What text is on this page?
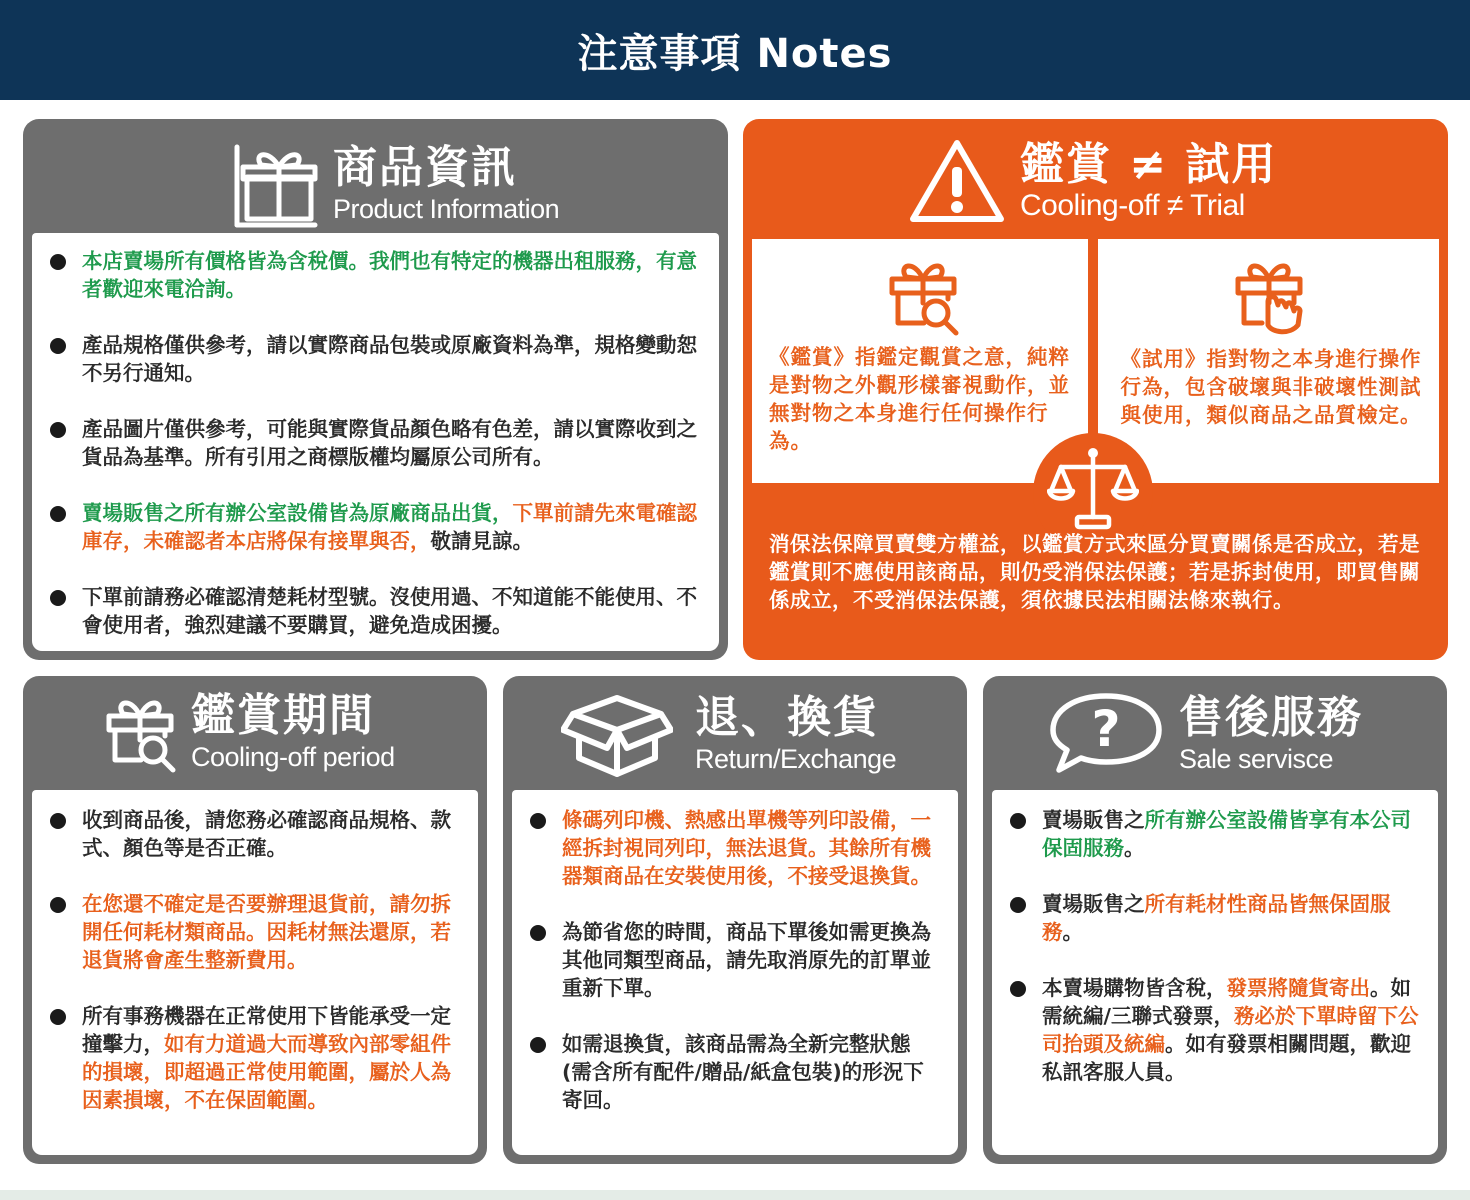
注意事項 Notes
商品資訊
Product Information
本店賣場所有價格皆為含稅價。我們也有特定的機器出租服務，有意者歡迎來電洽詢。
產品規格僅供參考，請以實際商品包裝或原廠資料為準，規格變動恕不另行通知。
產品圖片僅供參考，可能與實際貨品顏色略有色差，請以實際收到之貨品為基準。所有引用之商標版權均屬原公司所有。
賣場販售之所有辦公室設備皆為原廠商品出貨，下單前請先來電確認庫存，未確認者本店將保有接單與否，敬請見諒。
下單前請務必確認清楚耗材型號。沒使用過、不知道能不能使用、不會使用者，強烈建議不要購買，避免造成困擾。
鑑賞 ≠ 試用
Cooling-off ≠ Trial
《鑑賞》指鑑定觀賞之意，純粹是對物之外觀形樣審視動作，並無對物之本身進行任何操作行為。
《試用》指對物之本身進行操作行為，包含破壞與非破壞性測試與使用，類似商品之品質檢定。
消保法保障買賣雙方權益，以鑑賞方式來區分買賣關係是否成立，若是鑑賞則不應使用該商品，則仍受消保法保護；若是拆封使用，即買售關係成立，不受消保法保護，須依據民法相關法條來執行。
鑑賞期間
Cooling-off period
收到商品後，請您務必確認商品規格、款式、顏色等是否正確。
在您還不確定是否要辦理退貨前，請勿拆開任何耗材類商品。因耗材無法還原，若退貨將會產生整新費用。
所有事務機器在正常使用下皆能承受一定撞擊力，如有力道過大而導致內部零組件的損壞，即超過正常使用範圍，屬於人為因素損壞，不在保固範圍。
退、換貨
Return/Exchange
條碼列印機、熱感出單機等列印設備，一經拆封視同列印，無法退貨。其餘所有機器類商品在安裝使用後，不接受退換貨。
為節省您的時間，商品下單後如需更換為其他同類型商品，請先取消原先的訂單並重新下單。
如需退換貨，該商品需為全新完整狀態(需含所有配件/贈品/紙盒包裝)的形況下寄回。
? 售後服務
Sale servisce
賣場販售之所有辦公室設備皆享有本公司保固服務。
賣場販售之所有耗材性商品皆無保固服務。
本賣場購物皆含稅，發票將隨貨寄出。如需統編/三聯式發票，務必於下單時留下公司抬頭及統編。如有發票相關問題，歡迎私訊客服人員。
